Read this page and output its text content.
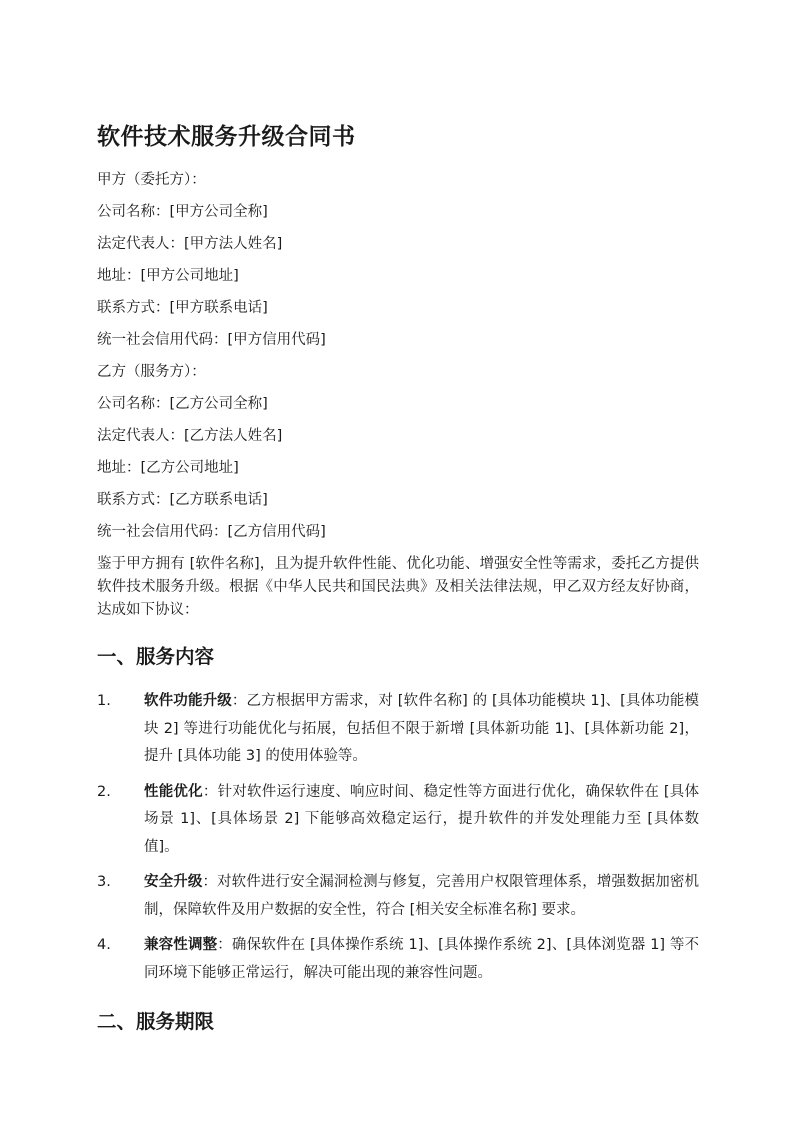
软件技术服务升级合同书
甲方（委托方）：
公司名称：[甲方公司全称]
法定代表人：[甲方法人姓名]
地址：[甲方公司地址]
联系方式：[甲方联系电话]
统一社会信用代码：[甲方信用代码]
乙方（服务方）：
公司名称：[乙方公司全称]
法定代表人：[乙方法人姓名]
地址：[乙方公司地址]
联系方式：[乙方联系电话]
统一社会信用代码：[乙方信用代码]

鉴于甲方拥有 [软件名称]，且为提升软件性能、优化功能、增强安全性等需求，委托乙方提供软件技术服务升级。根据《中华人民共和国民法典》及相关法律法规，甲乙双方经友好协商，达成如下协议：

一、服务内容
1.	软件功能升级：乙方根据甲方需求，对 [软件名称] 的 [具体功能模块 1]、[具体功能模块 2] 等进行功能优化与拓展，包括但不限于新增 [具体新功能 1]、[具体新功能 2]，提升 [具体功能 3] 的使用体验等。
2.	性能优化：针对软件运行速度、响应时间、稳定性等方面进行优化，确保软件在 [具体场景 1]、[具体场景 2] 下能够高效稳定运行，提升软件的并发处理能力至 [具体数值]。
3.	安全升级：对软件进行安全漏洞检测与修复，完善用户权限管理体系，增强数据加密机制，保障软件及用户数据的安全性，符合 [相关安全标准名称] 要求。
4.	兼容性调整：确保软件在 [具体操作系统 1]、[具体操作系统 2]、[具体浏览器 1] 等不同环境下能够正常运行，解决可能出现的兼容性问题。
二、服务期限
